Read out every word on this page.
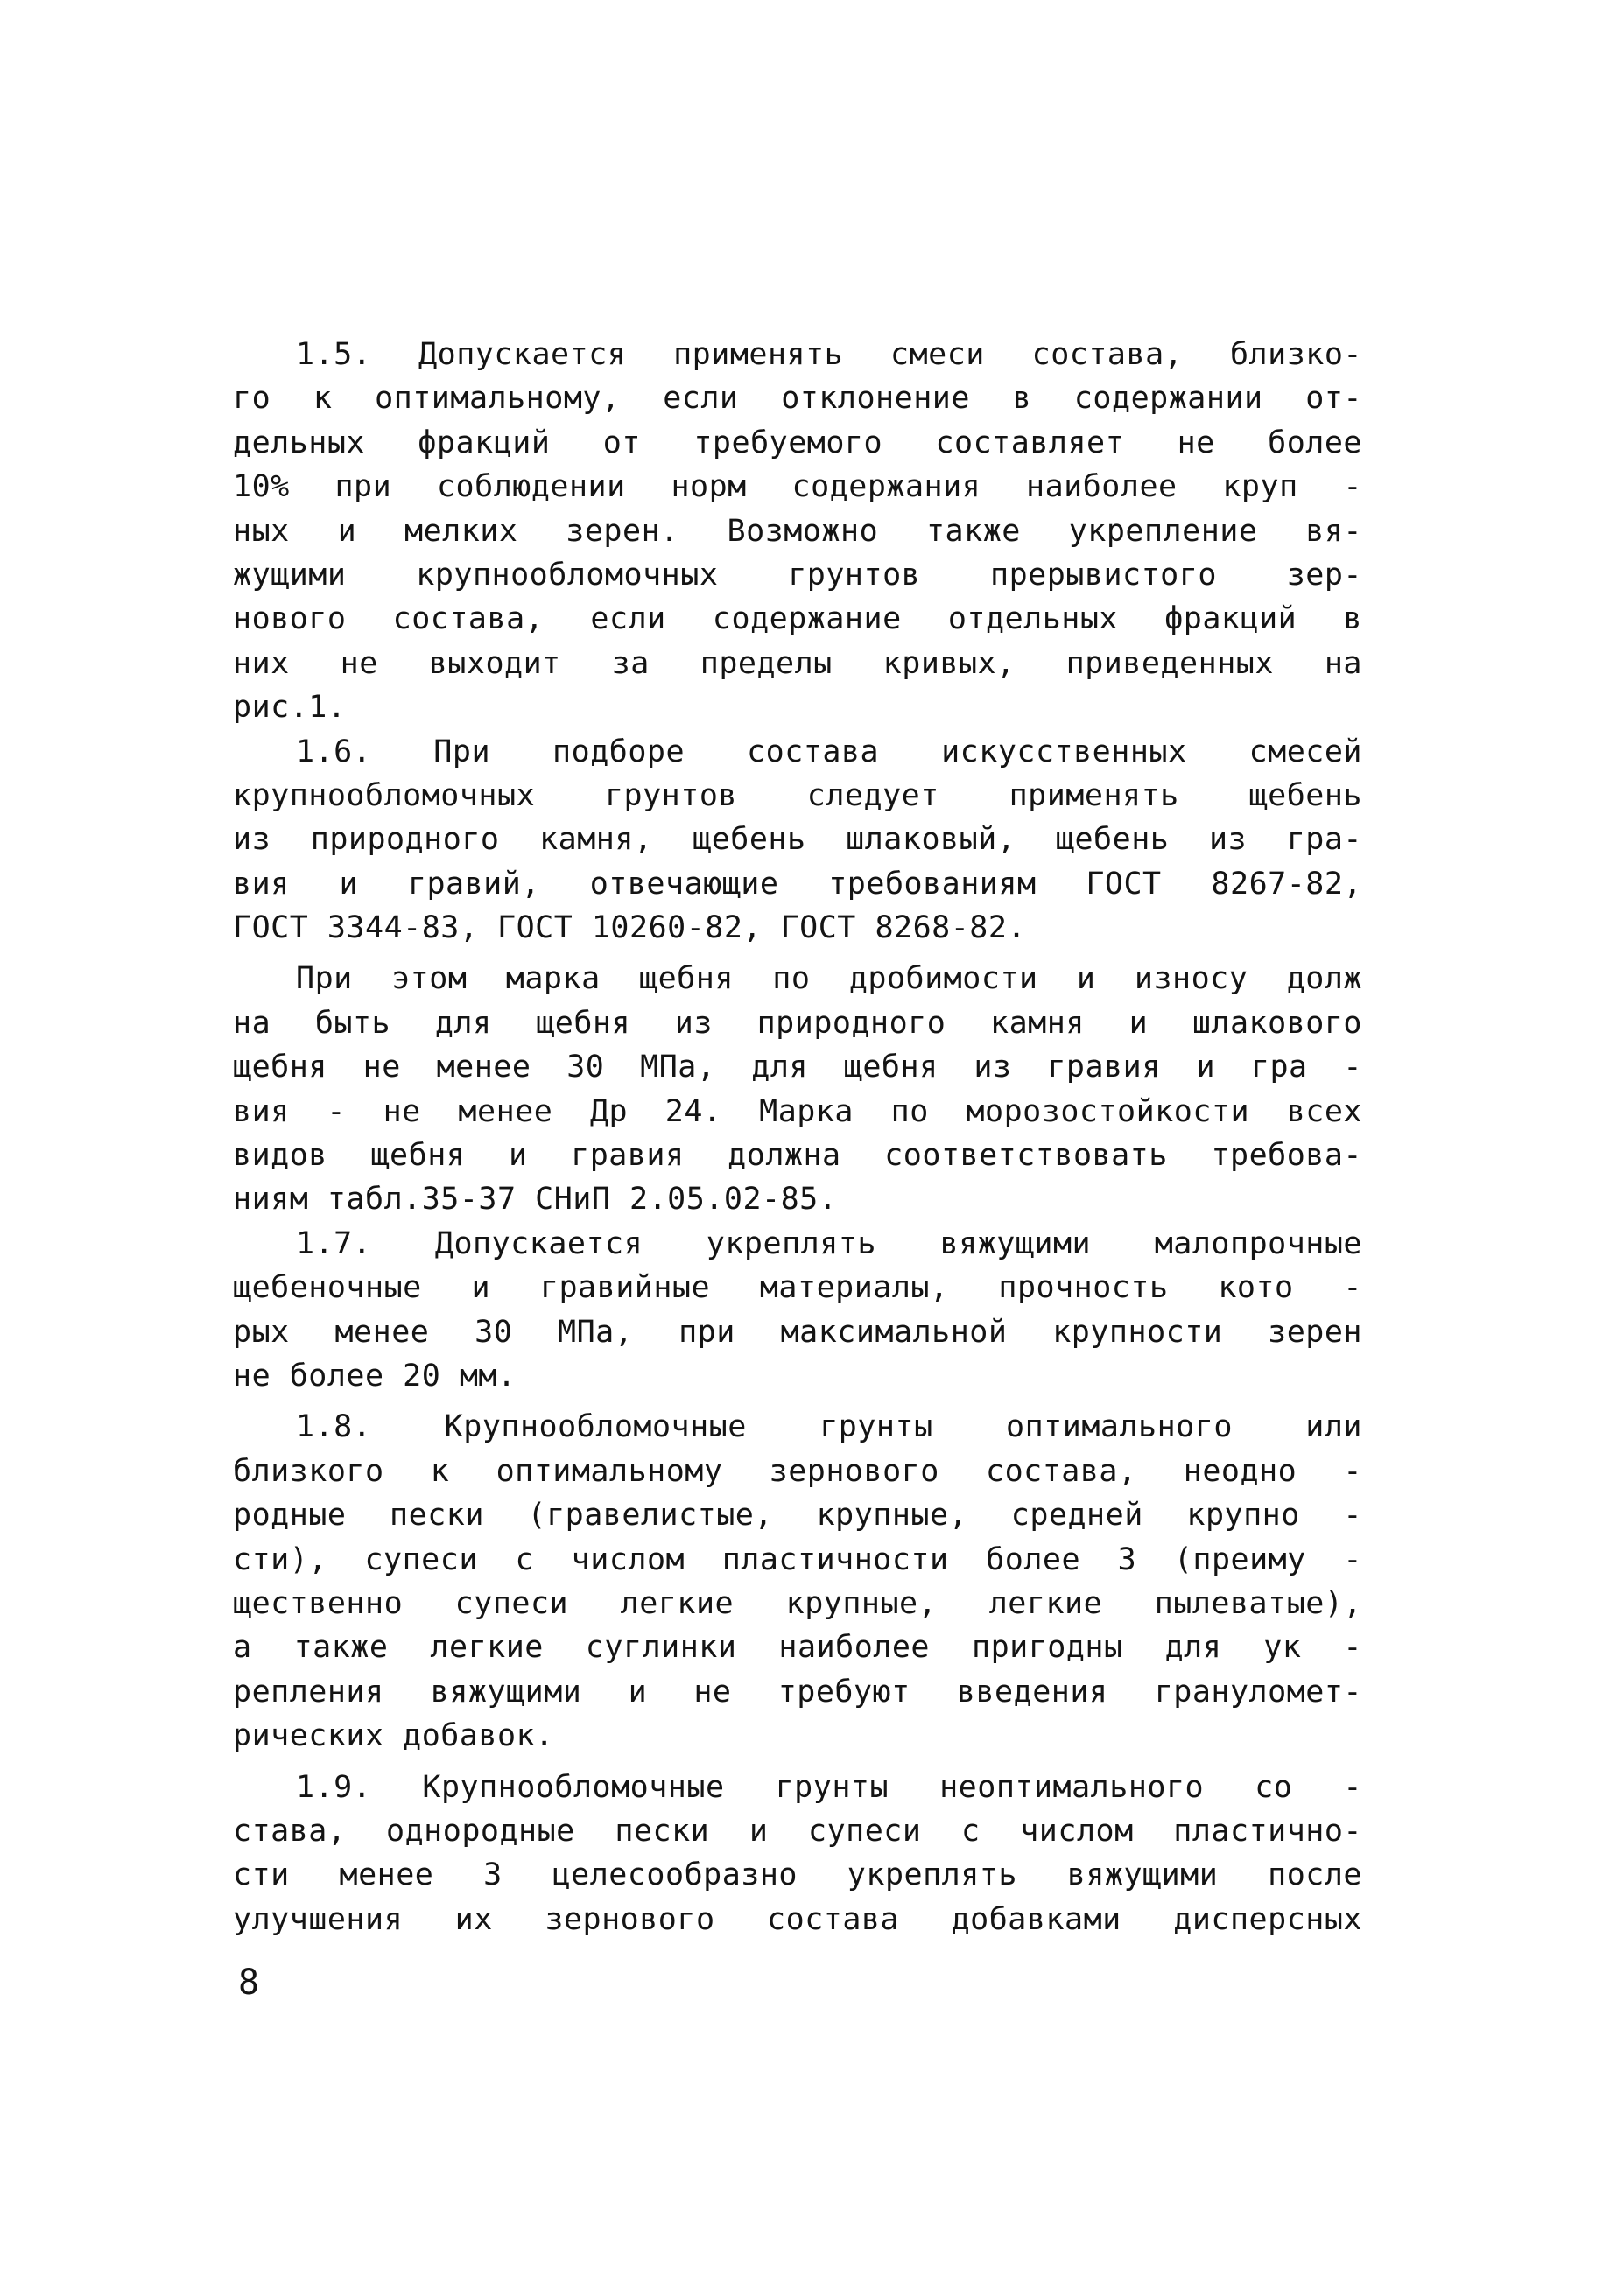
1.5. Допускается применять смеси состава, близко-
го к оптимальному, если отклонение в содержании от-
дельных фракций от требуемого составляет не более
10% при соблюдении норм содержания наиболее круп -
ных и мелких зерен. Возможно также укрепление вя-
жущими крупнообломочных грунтов прерывистого зер-
нового состава, если содержание отдельных фракций в
них не выходит за пределы кривых, приведенных на
рис.1.
1.6. При подборе состава искусственных смесей
крупнообломочных грунтов следует применять щебень
из природного камня, щебень шлаковый, щебень из гра-
вия и гравий, отвечающие требованиям ГОСТ 8267-82,
ГОСТ 3344-83, ГОСТ 10260-82, ГОСТ 8268-82.
При этом марка щебня по дробимости и износу долж
на быть для щебня из природного камня и шлакового
щебня не менее 30 МПа, для щебня из гравия и гра -
вия - не менее Др 24. Марка по морозостойкости всех
видов щебня и гравия должна соответствовать требова-
ниям табл.35-37 СНиП 2.05.02-85.
1.7. Допускается укреплять вяжущими малопрочные
щебеночные и гравийные материалы, прочность кото -
рых менее 30 МПа, при максимальной крупности зерен
не более 20 мм.
1.8. Крупнообломочные грунты оптимального или
близкого к оптимальному зернового состава, неодно -
родные пески (гравелистые, крупные, средней крупно -
сти), супеси с числом пластичности более 3 (преиму -
щественно супеси легкие крупные, легкие пылеватые),
а также легкие суглинки наиболее пригодны для ук -
репления вяжущими и не требуют введения грануломет-
рических добавок.
1.9. Крупнообломочные грунты неоптимального со -
става, однородные пески и супеси с числом пластично-
сти менее 3 целесообразно укреплять вяжущими после
улучшения их зернового состава добавками дисперсных
8
